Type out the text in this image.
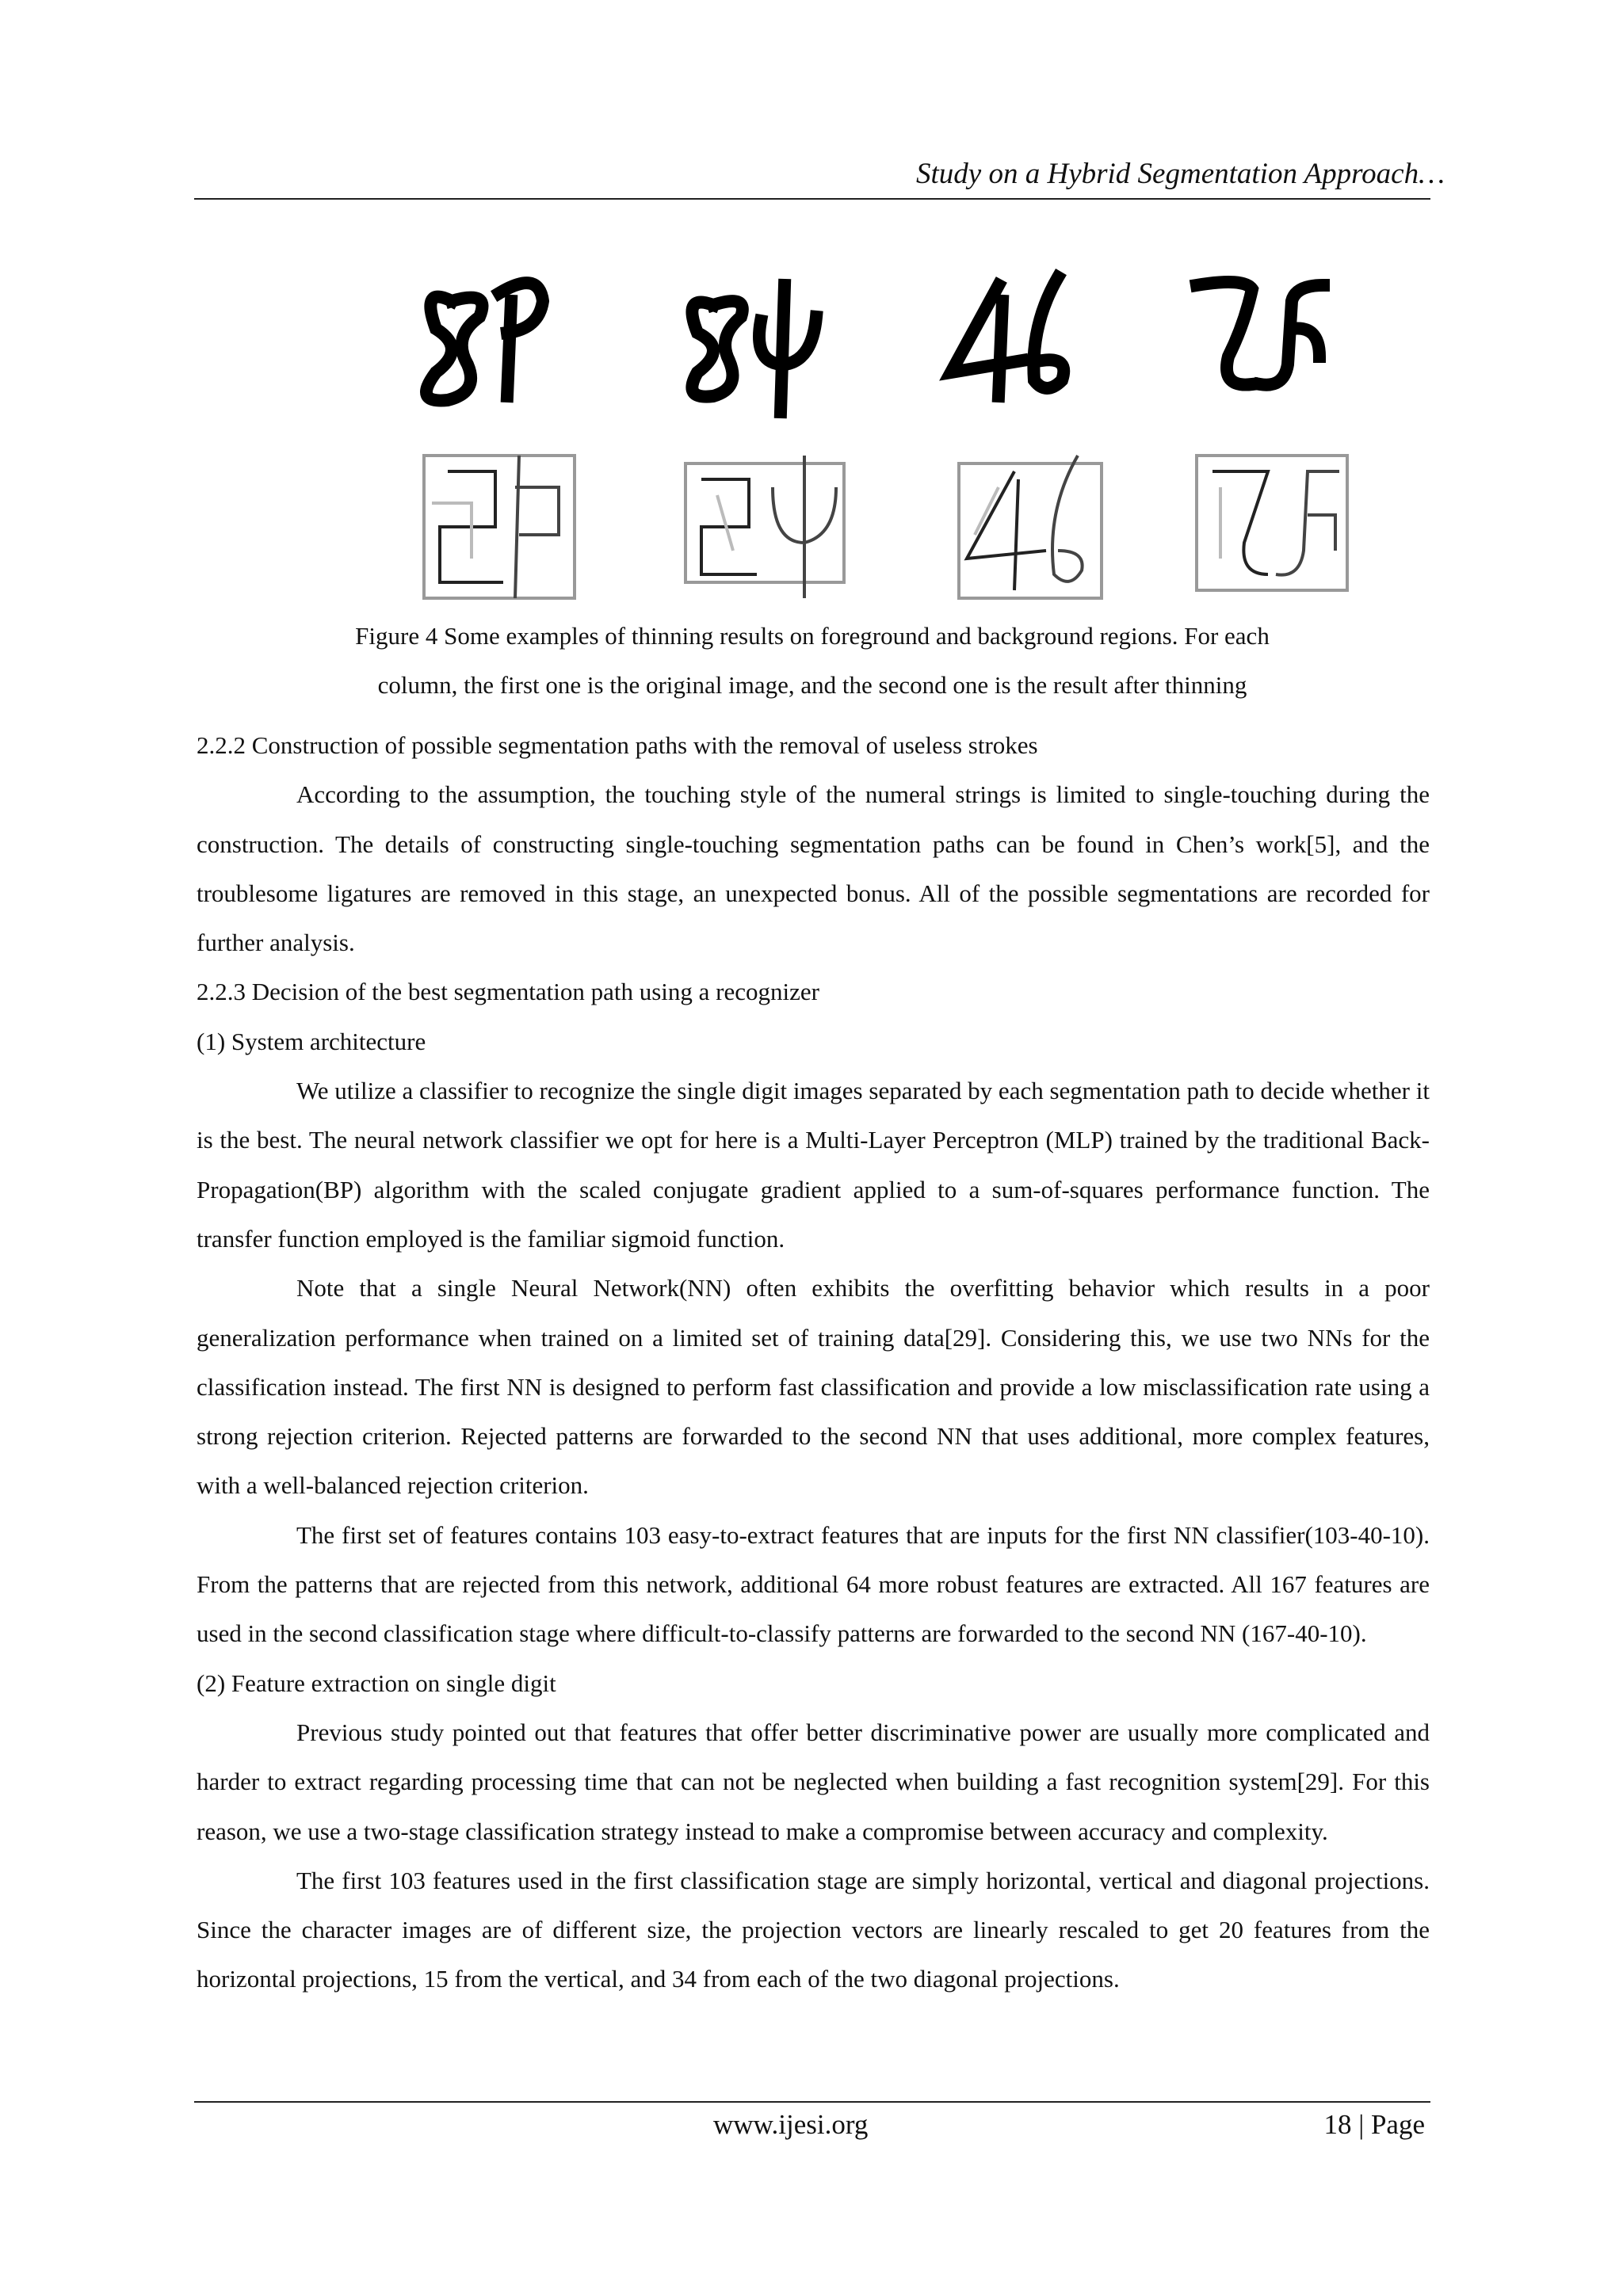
Study on a Hybrid Segmentation Approach…
Figure 4 Some examples of thinning results on foreground and background regions. For each
column, the first one is the original image, and the second one is the result after thinning

2.2.2 Construction of possible segmentation paths with the removal of useless strokes

According to the assumption, the touching style of the numeral strings is limited to single-touching during the construction. The details of constructing single-touching segmentation paths can be found in Chen’s work[5], and the troublesome ligatures are removed in this stage, an unexpected bonus. All of the possible segmentations are recorded for further analysis.

2.2.3 Decision of the best segmentation path using a recognizer

(1) System architecture

We utilize a classifier to recognize the single digit images separated by each segmentation path to decide whether it is the best. The neural network classifier we opt for here is a Multi-Layer Perceptron (MLP) trained by the traditional Back-Propagation(BP) algorithm with the scaled conjugate gradient applied to a sum-of-squares performance function. The transfer function employed is the familiar sigmoid function.

Note that a single Neural Network(NN) often exhibits the overfitting behavior which results in a poor generalization performance when trained on a limited set of training data[29]. Considering this, we use two NNs for the classification instead. The first NN is designed to perform fast classification and provide a low misclassification rate using a strong rejection criterion. Rejected patterns are forwarded to the second NN that uses additional, more complex features, with a well-balanced rejection criterion.

The first set of features contains 103 easy-to-extract features that are inputs for the first NN classifier(103-40-10). From the patterns that are rejected from this network, additional 64 more robust features are extracted. All 167 features are used in the second classification stage where difficult-to-classify patterns are forwarded to the second NN (167-40-10).

(2) Feature extraction on single digit

Previous study pointed out that features that offer better discriminative power are usually more complicated and harder to extract regarding processing time that can not be neglected when building a fast recognition system[29]. For this reason, we use a two-stage classification strategy instead to make a compromise between accuracy and complexity.

The first 103 features used in the first classification stage are simply horizontal, vertical and diagonal projections. Since the character images are of different size, the projection vectors are linearly rescaled to get 20 features from the horizontal projections, 15 from the vertical, and 34 from each of the two diagonal projections.

www.ijesi.org	18 | Page
